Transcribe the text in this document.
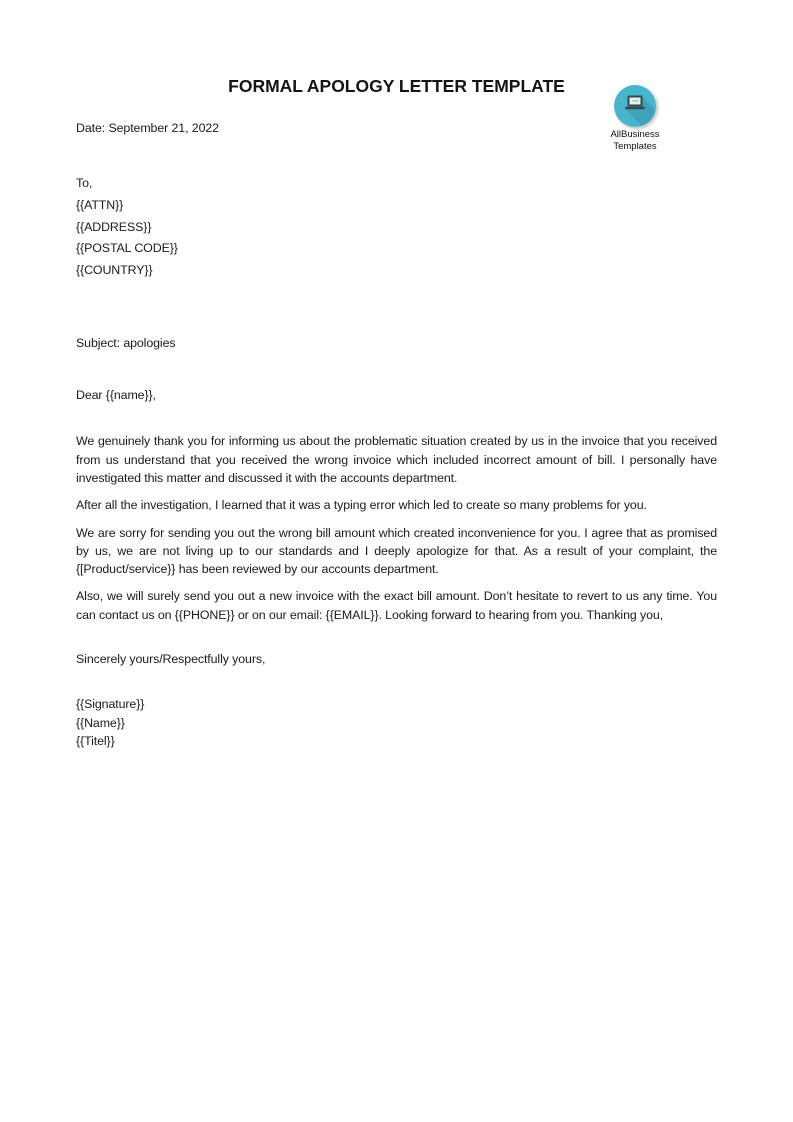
AllBusiness
Templates
FORMAL APOLOGY LETTER TEMPLATE
Date: September 21, 2022
To,
{{ATTN}}
{{ADDRESS}}
{{POSTAL CODE}}
{{COUNTRY}}
Subject: apologies
Dear {{name}},

We genuinely thank you for informing us about the problematic situation created by us in the invoice that you received from us understand that you received the wrong invoice which included incorrect amount of bill. I personally have investigated this matter and discussed it with the accounts department.

After all the investigation, I learned that it was a typing error which led to create so many problems for you.

We are sorry for sending you out the wrong bill amount which created inconvenience for you. I agree that as promised by us, we are not living up to our standards and I deeply apologize for that. As a result of your complaint, the {[Product/service}} has been reviewed by our accounts department.

Also, we will surely send you out a new invoice with the exact bill amount. Don’t hesitate to revert to us any time. You can contact us on {{PHONE}} or on our email: {{EMAIL}}. Looking forward to hearing from you. Thanking you,

Sincerely yours/Respectfully yours,
{{Signature}}
{{Name}}
{{Titel}}
